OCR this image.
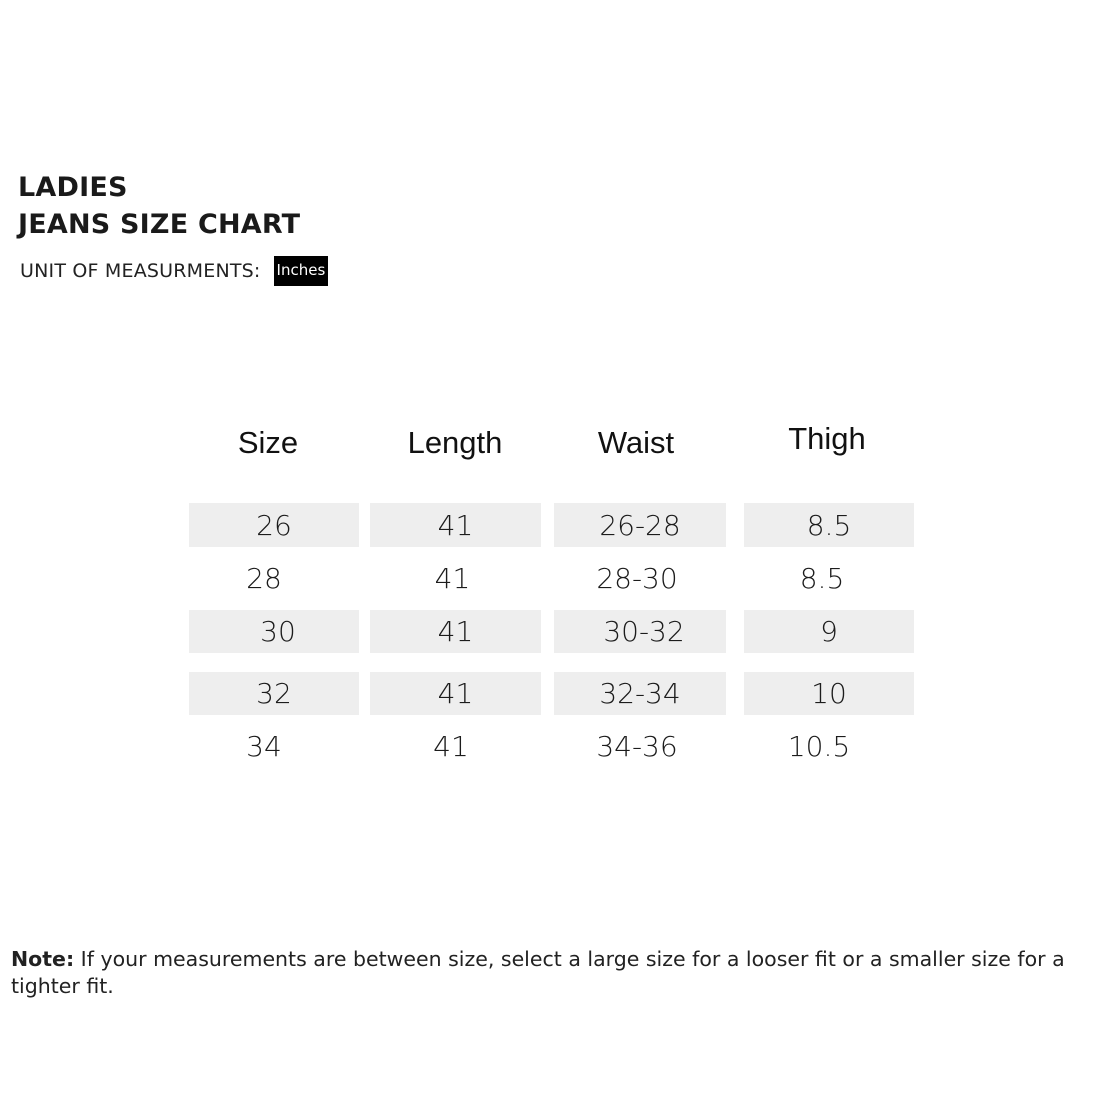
LADIES
JEANS SIZE CHART
UNIT OF MEASURMENTS: Inches
Size	Length	Waist	Thigh
26	41	26-28	8.5
28	41	28-30	8.5
30	41	30-32	9
32	41	32-34	10
34	41	34-36	10.5
Note: If your measurements are between size, select a large size for a looser fit or a smaller size for a tighter fit.
